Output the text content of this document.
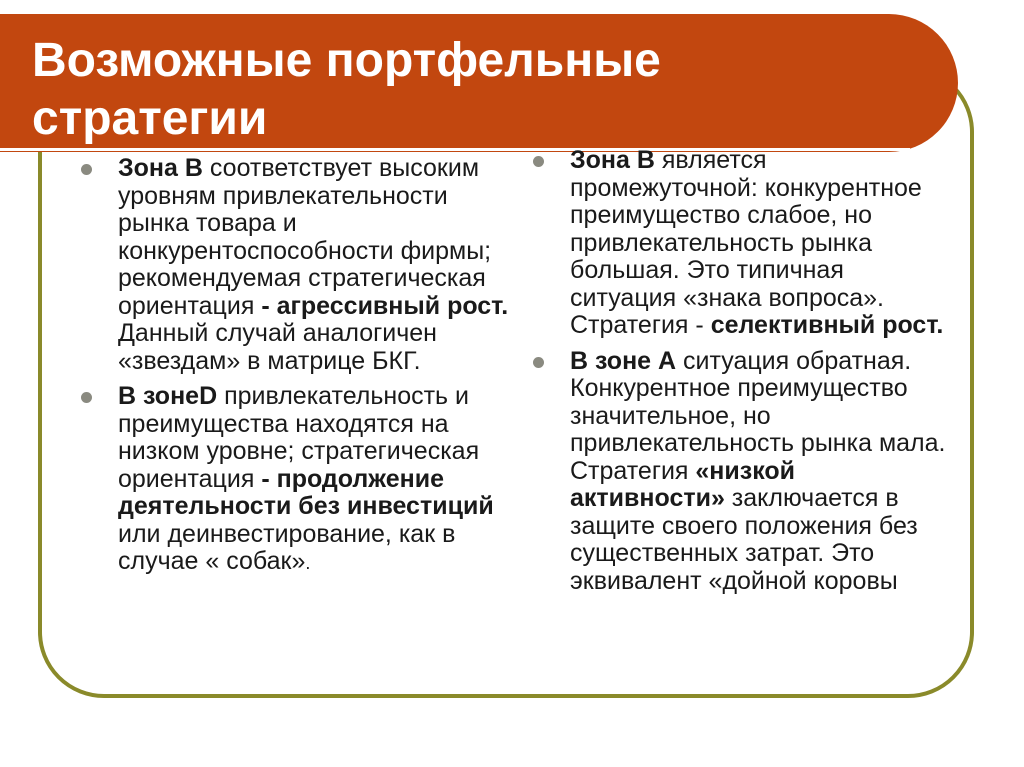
Возможные портфельные
стратегии
Зона В соответствует высоким уровням привлекательности рынка товара и конкурентоспособности фирмы; рекомендуемая стратегическая ориентация - агрессивный рост. Данный случай аналогичен «звездам» в матрице БКГ.
В зонеD привлекательность и преимущества находятся на низком уровне; стратегическая ориентация - продолжение деятельности без инвестиций или деинвестирование, как в случае « собак».
Зона В является промежуточной: конкурентное преимущество слабое, но привлекательность рынка большая. Это типичная ситуация «знака вопроса». Стратегия - селективный рост.
В зоне А ситуация обратная. Конкурентное преимущество значительное, но привлекательность рынка мала. Стратегия «низкой активности» заключается в защите своего положения без существенных затрат. Это эквивалент «дойной коровы
